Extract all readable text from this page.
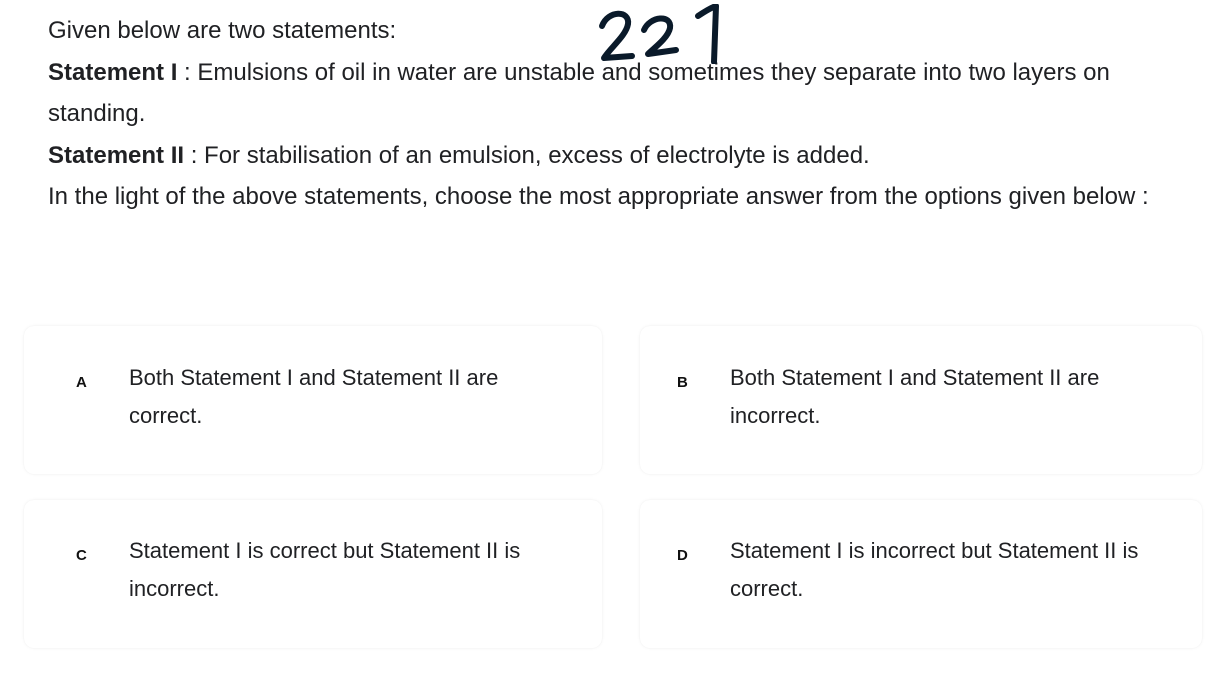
Given below are two statements:

Statement I : Emulsions of oil in water are unstable and sometimes they separate into two layers on standing.

Statement II : For stabilisation of an emulsion, excess of electrolyte is added.

In the light of the above statements, choose the most appropriate answer from the options given below :

A Both Statement I and Statement II are correct.
B Both Statement I and Statement II are incorrect.
C Statement I is correct but Statement II is incorrect.
D Statement I is incorrect but Statement II is correct.
